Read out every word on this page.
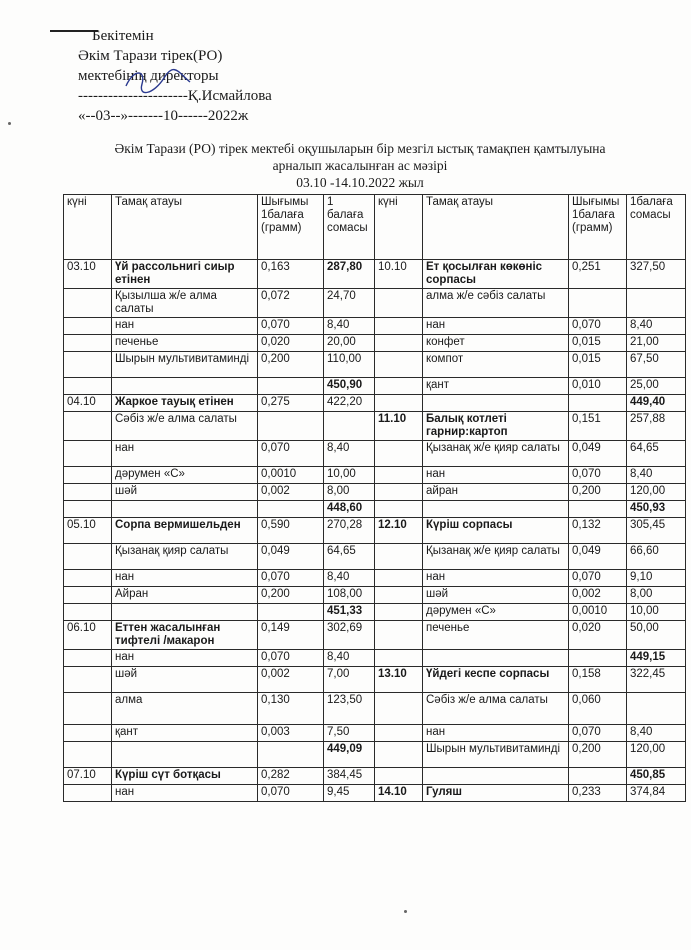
Бекітемін
Әкім Тарази тірек(РО)
мектебінің директоры
----------------------Қ.Исмайлова
«--03--»-------10------2022ж
Әкім Тарази (РО) тірек мектебі оқушыларын бір мезгіл ыстық тамақпен қамтылуына
арналып жасалынған ас мәзірі
03.10 -14.10.2022 жыл
күні	Тамақ атауы	Шығымы 1балаға (грамм)	1 балаға сомасы	күні	Тамақ атауы	Шығымы 1балаға (грамм)	1балаға сомасы
03.10	Үй рассольнигі сиыр етінен	0,163	287,80	10.10	Ет қосылған көкөніс сорпасы	0,251	327,50
	Қызылша ж/е алма салаты	0,072	24,70		алма ж/е сәбіз салаты		
	нан	0,070	8,40		нан	0,070	8,40
	печенье	0,020	20,00		конфет	0,015	21,00
	Шырын мультивитаминді	0,200	110,00		компот	0,015	67,50
			450,90		қант	0,010	25,00
04.10	Жаркое тауық етінен	0,275	422,20				449,40
	Сәбіз ж/е алма салаты			11.10	Балық котлеті гарнир:картоп	0,151	257,88
	нан	0,070	8,40		Қызанақ ж/е қияр салаты	0,049	64,65
	дәрумен «С»	0,0010	10,00		нан	0,070	8,40
	шәй	0,002	8,00		айран	0,200	120,00
			448,60				450,93
05.10	Сорпа вермишельден	0,590	270,28	12.10	Күріш сорпасы	0,132	305,45
	Қызанақ қияр салаты	0,049	64,65		Қызанақ ж/е қияр салаты	0,049	66,60
	нан	0,070	8,40		нан	0,070	9,10
	Айран	0,200	108,00		шәй	0,002	8,00
			451,33		дәрумен «С»	0,0010	10,00
06.10	Еттен жасалынған тифтелі /макарон	0,149	302,69		печенье	0,020	50,00
	нан	0,070	8,40				449,15
	шәй	0,002	7,00	13.10	Үйдегі кеспе сорпасы	0,158	322,45
	алма	0,130	123,50		Сәбіз ж/е алма салаты	0,060	
	қант	0,003	7,50		нан	0,070	8,40
			449,09		Шырын мультивитаминді	0,200	120,00
07.10	Күріш сүт ботқасы	0,282	384,45				450,85
	нан	0,070	9,45	14.10	Гуляш	0,233	374,84
